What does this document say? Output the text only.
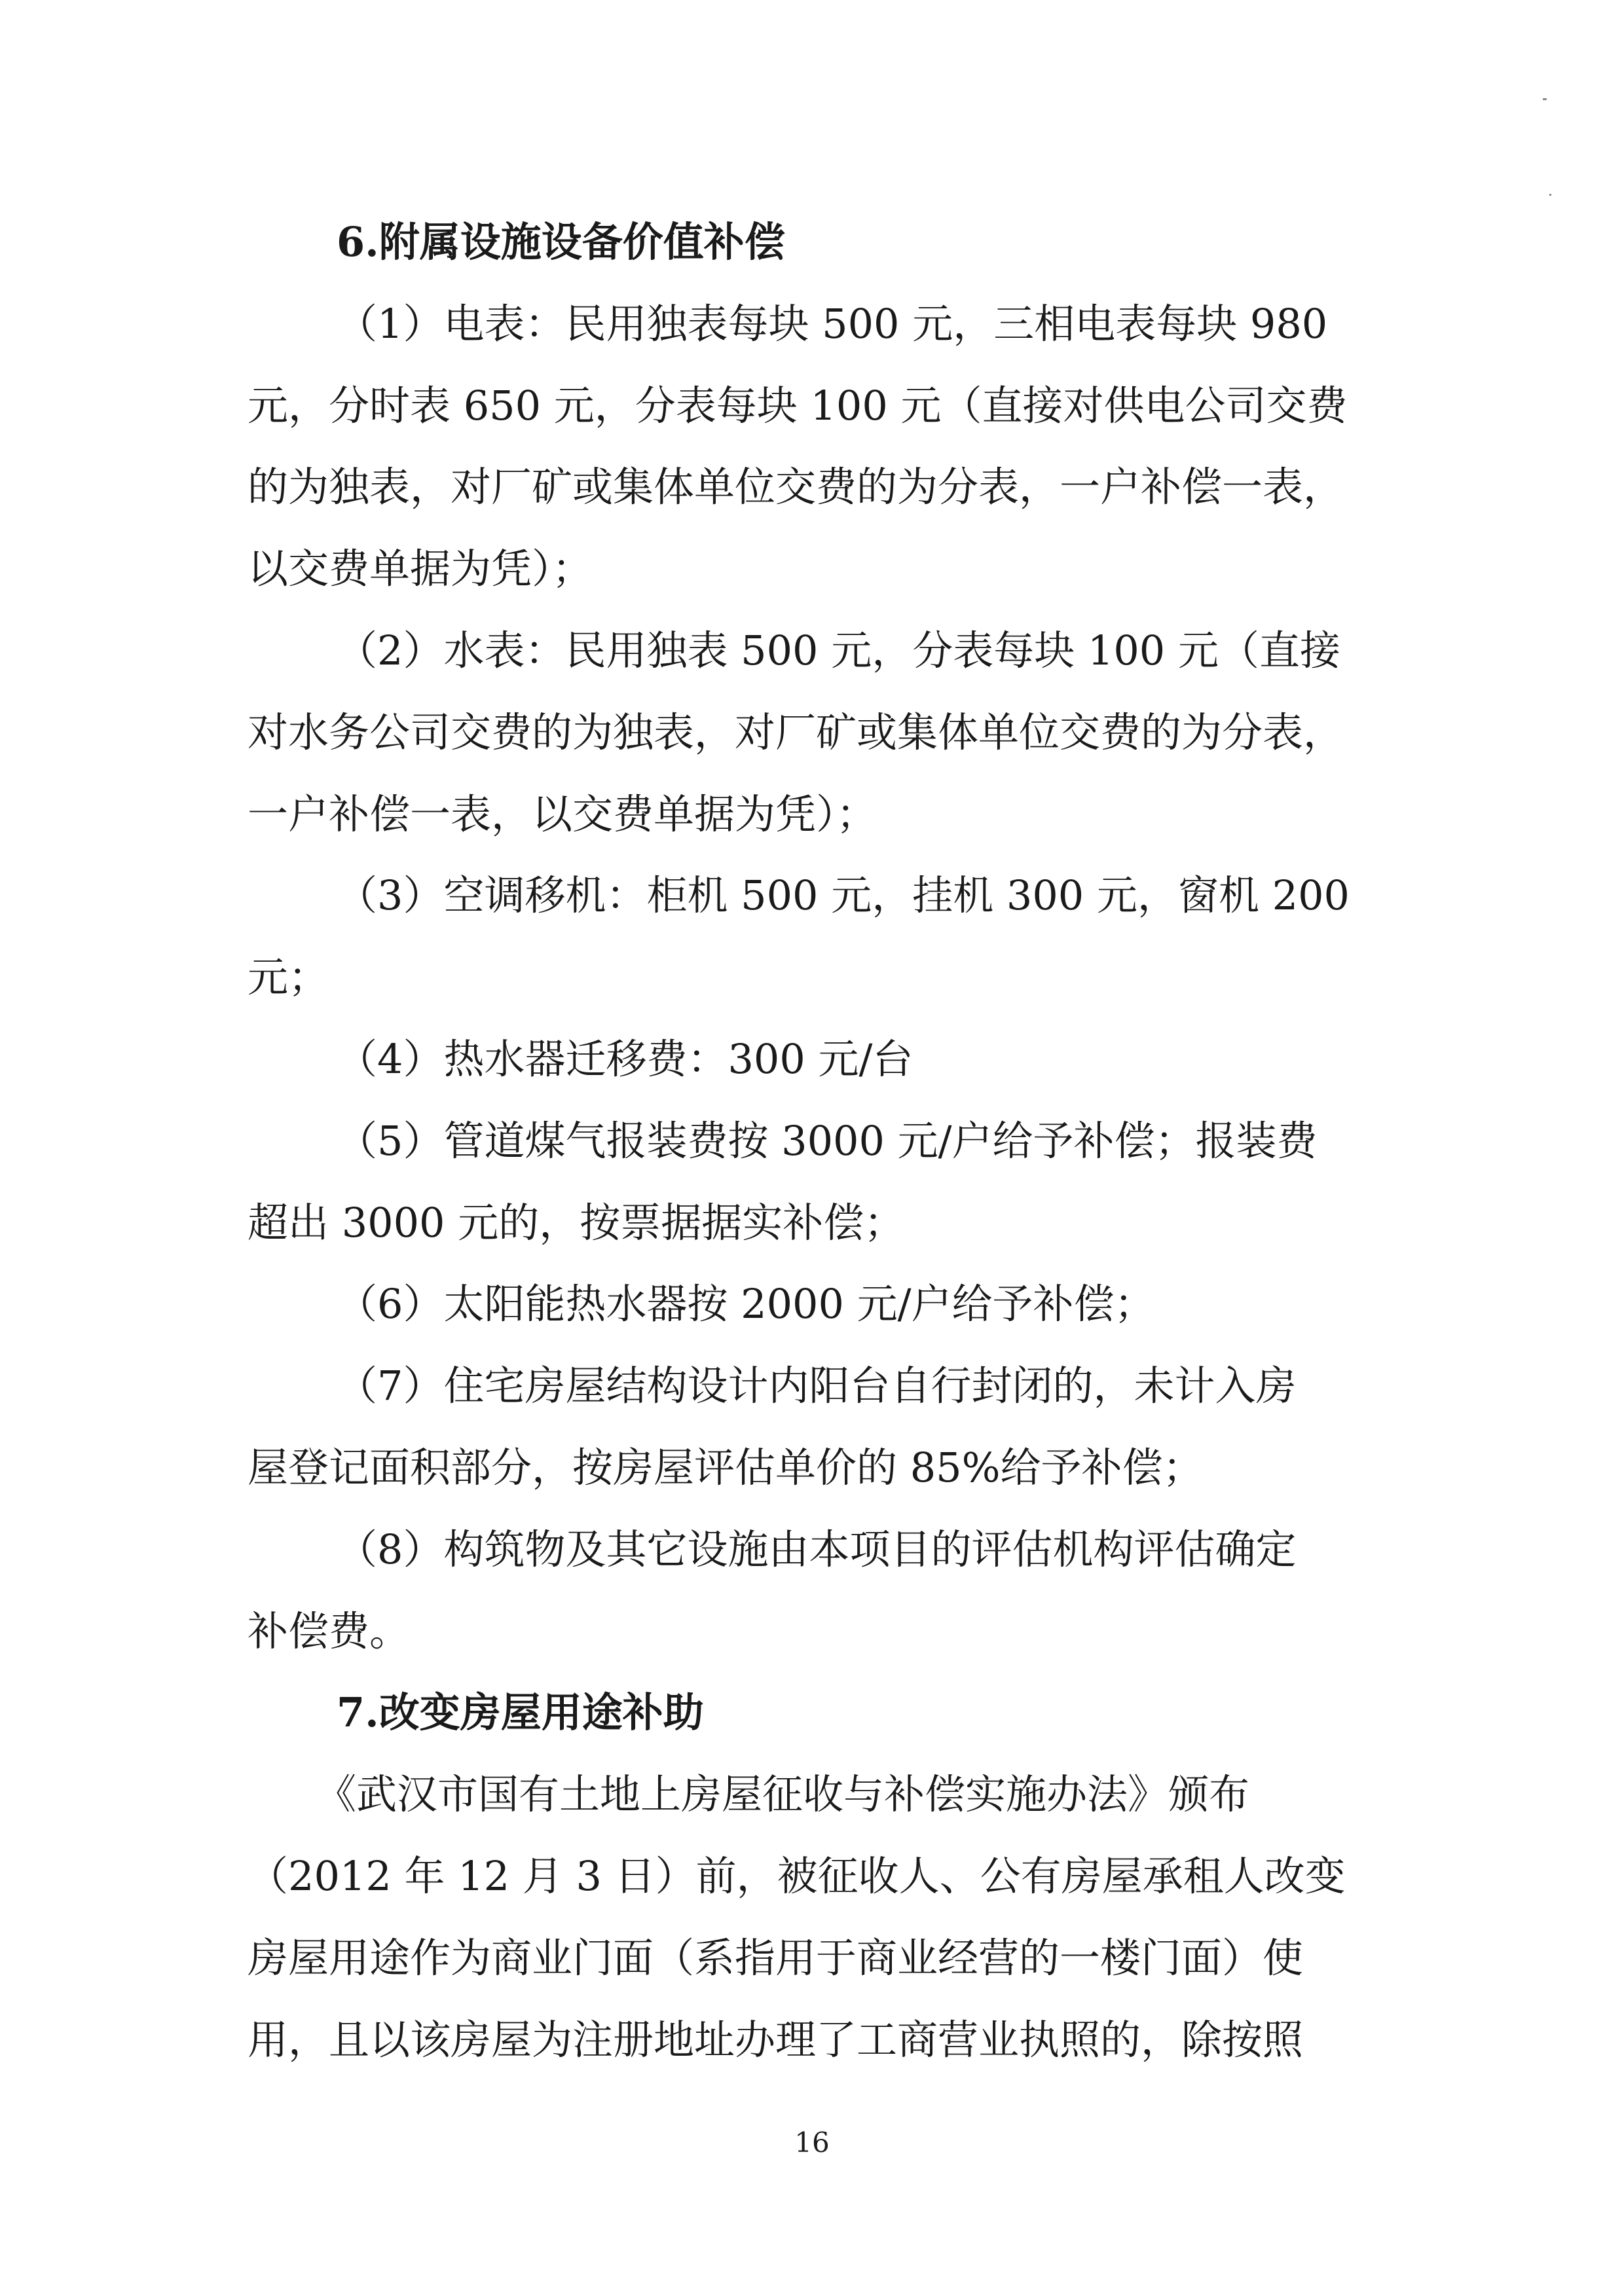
6.附属设施设备价值补偿
（1）电表：民用独表每块 500 元，三相电表每块 980
元，分时表 650 元，分表每块 100 元（直接对供电公司交费
的为独表，对厂矿或集体单位交费的为分表，一户补偿一表，
以交费单据为凭）；
（2）水表：民用独表 500 元，分表每块 100 元（直接
对水务公司交费的为独表，对厂矿或集体单位交费的为分表，
一户补偿一表，以交费单据为凭）；
（3）空调移机：柜机 500 元，挂机 300 元，窗机 200
元；
（4）热水器迁移费：300 元/台
（5）管道煤气报装费按 3000 元/户给予补偿；报装费
超出 3000 元的，按票据据实补偿；
（6）太阳能热水器按 2000 元/户给予补偿；
（7）住宅房屋结构设计内阳台自行封闭的，未计入房
屋登记面积部分，按房屋评估单价的 85%给予补偿；
（8）构筑物及其它设施由本项目的评估机构评估确定
补偿费。
7.改变房屋用途补助
《武汉市国有土地上房屋征收与补偿实施办法》颁布
（2012 年 12 月 3 日）前，被征收人、公有房屋承租人改变
房屋用途作为商业门面（系指用于商业经营的一楼门面）使
用，且以该房屋为注册地址办理了工商营业执照的，除按照
16
